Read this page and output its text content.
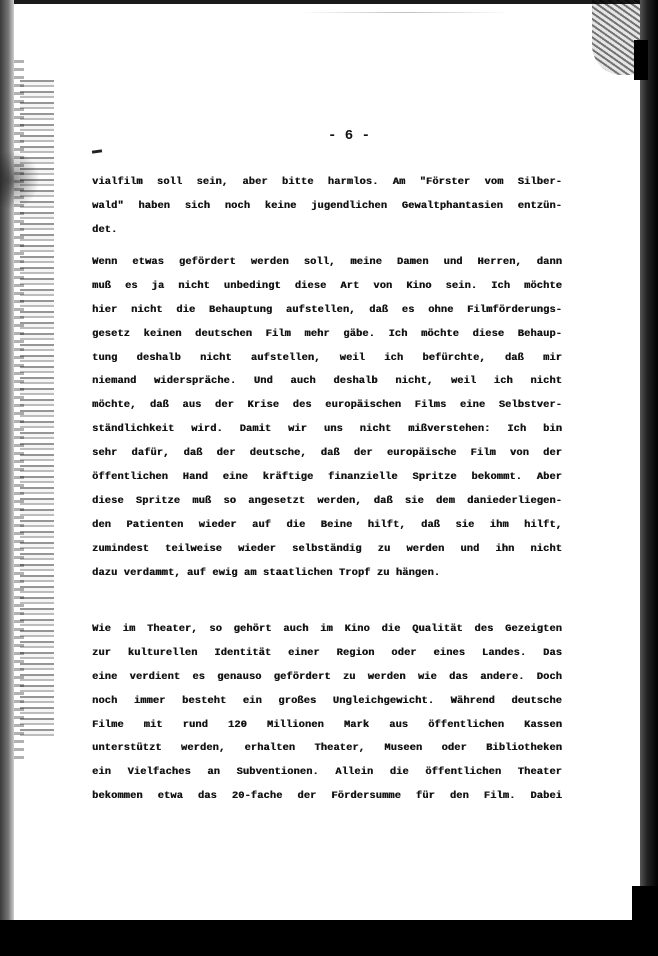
- 6 -
vialfilm soll sein, aber bitte harmlos. Am "Förster vom Silber-
wald" haben sich noch keine jugendlichen Gewaltphantasien entzün-
det.
Wenn etwas gefördert werden soll, meine Damen und Herren, dann
muß es ja nicht unbedingt diese Art von Kino sein. Ich möchte
hier nicht die Behauptung aufstellen, daß es ohne Filmförderungs-
gesetz keinen deutschen Film mehr gäbe. Ich möchte diese Behaup-
tung deshalb nicht aufstellen, weil ich befürchte, daß mir
niemand widerspräche. Und auch deshalb nicht, weil ich nicht
möchte, daß aus der Krise des europäischen Films eine Selbstver-
ständlichkeit wird. Damit wir uns nicht mißverstehen: Ich bin
sehr dafür, daß der deutsche, daß der europäische Film von der
öffentlichen Hand eine kräftige finanzielle Spritze bekommt. Aber
diese Spritze muß so angesetzt werden, daß sie dem daniederliegen-
den Patienten wieder auf die Beine hilft, daß sie ihm hilft,
zumindest teilweise wieder selbständig zu werden und ihn nicht
dazu verdammt, auf ewig am staatlichen Tropf zu hängen.
Wie im Theater, so gehört auch im Kino die Qualität des Gezeigten
zur kulturellen Identität einer Region oder eines Landes. Das
eine verdient es genauso gefördert zu werden wie das andere. Doch
noch immer besteht ein großes Ungleichgewicht. Während deutsche
Filme mit rund 120 Millionen Mark aus öffentlichen Kassen
unterstützt werden, erhalten Theater, Museen oder Bibliotheken
ein Vielfaches an Subventionen. Allein die öffentlichen Theater
bekommen etwa das 20-fache der Fördersumme für den Film. Dabei
